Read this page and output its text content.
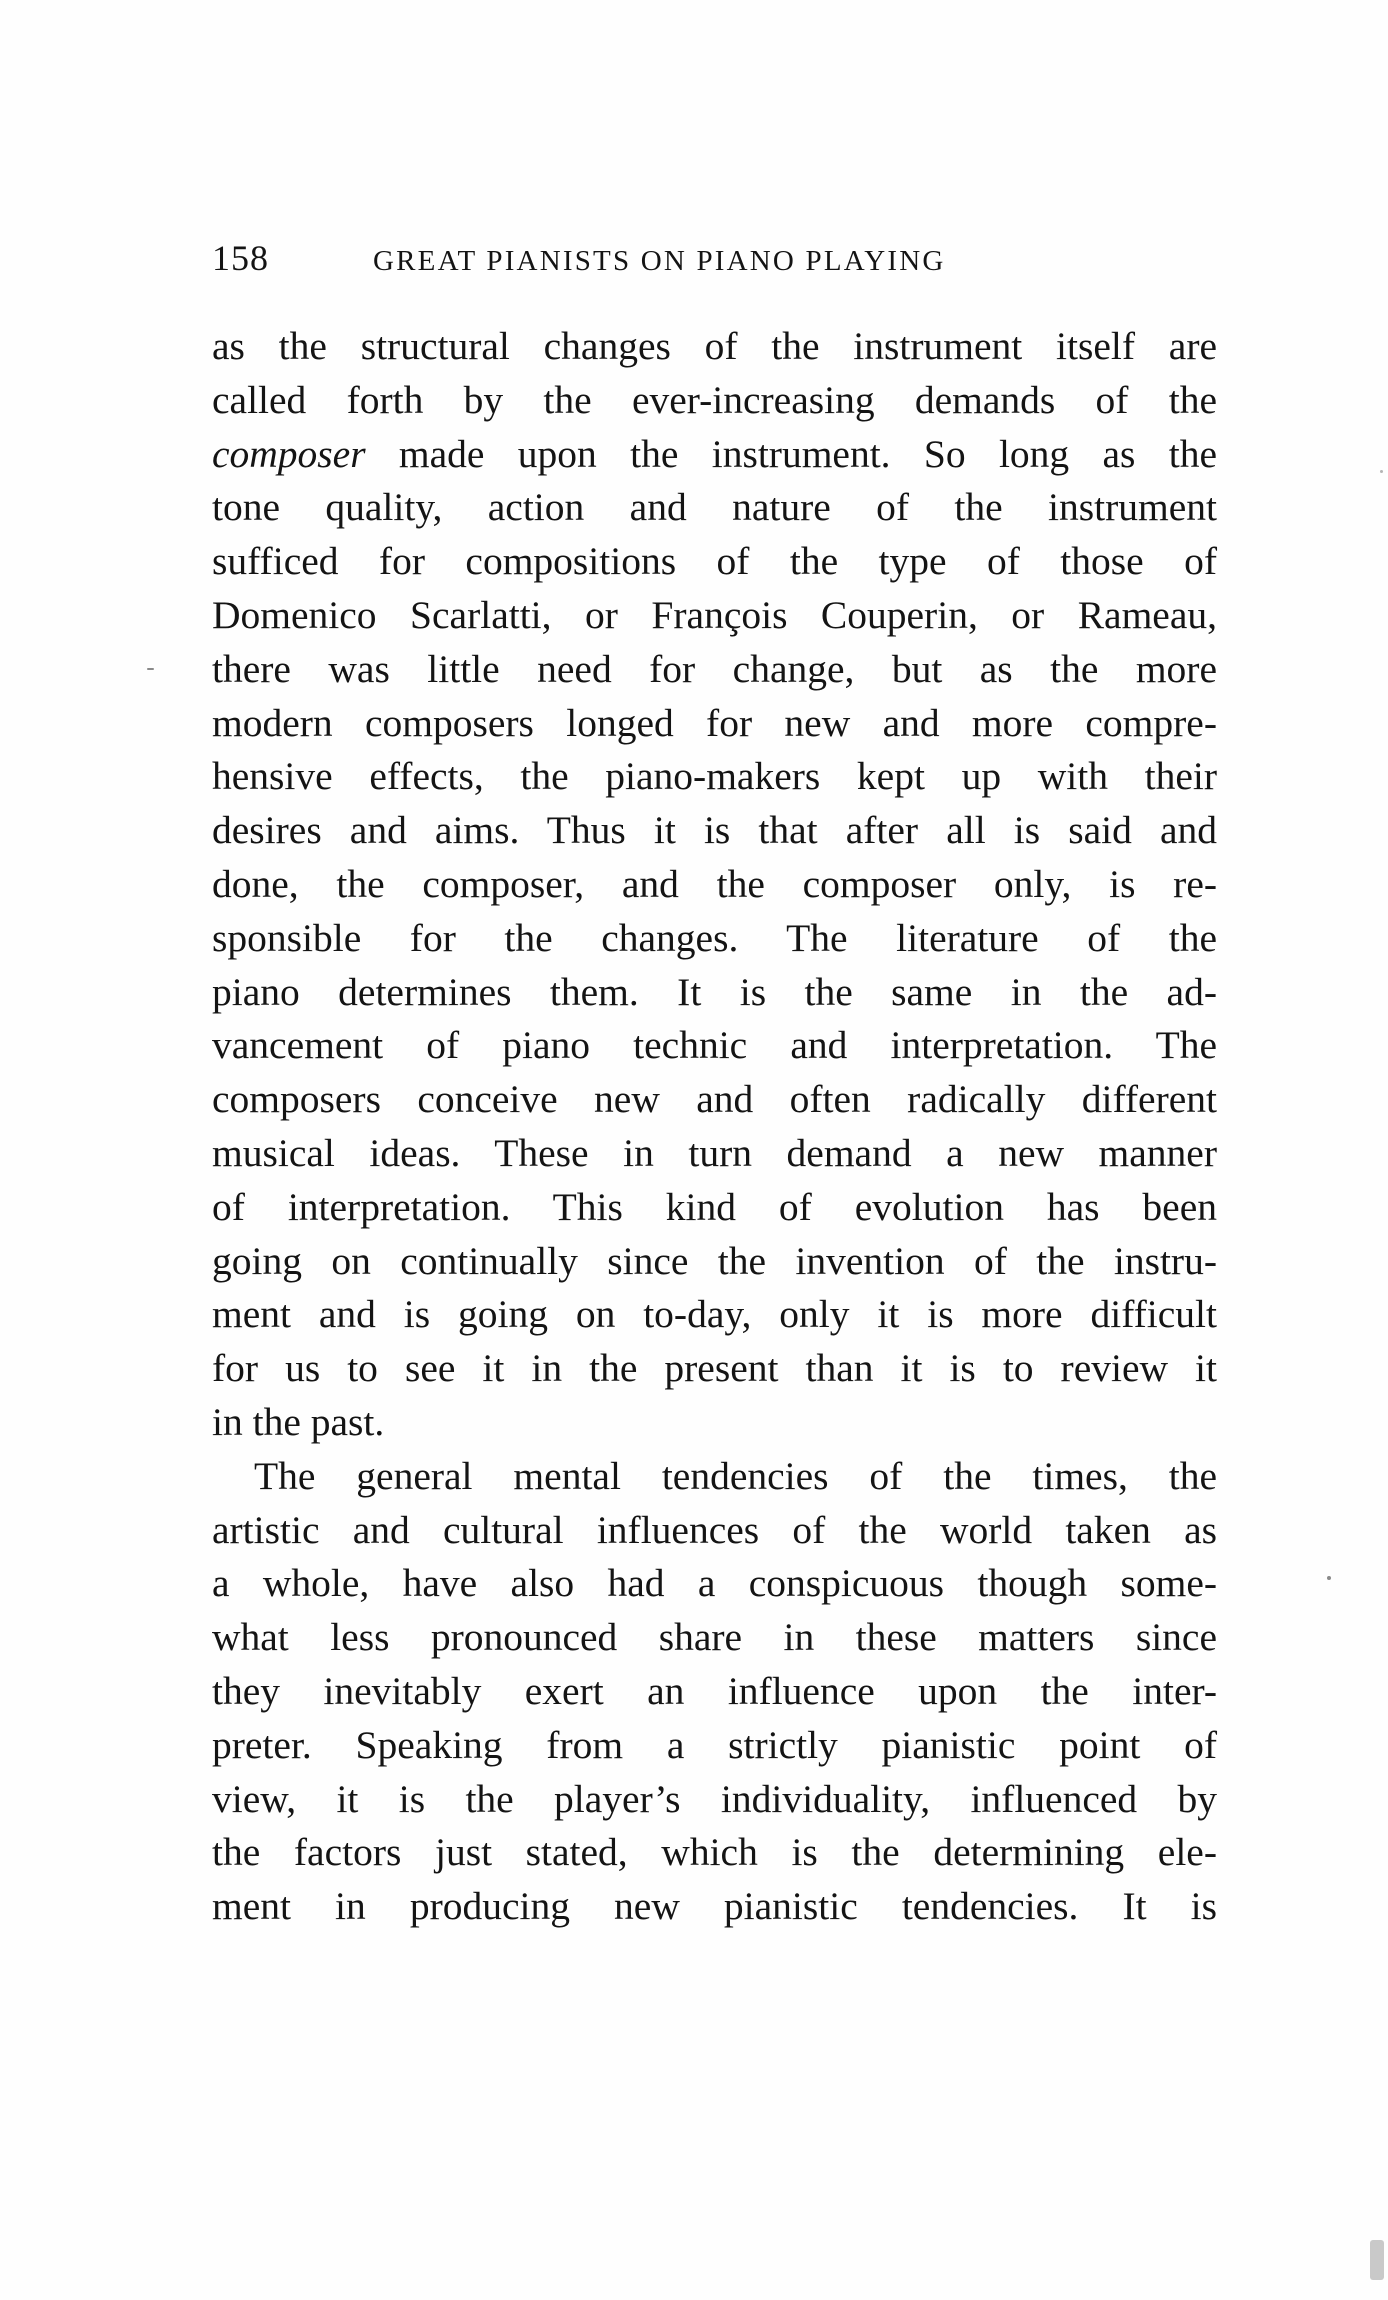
158	GREAT PIANISTS ON PIANO PLAYING
as the structural changes of the instrument itself are
called forth by the ever-increasing demands of the
composer made upon the instrument. So long as the
tone quality, action and nature of the instrument
sufficed for compositions of the type of those of
Domenico Scarlatti, or François Couperin, or Rameau,
there was little need for change, but as the more
modern composers longed for new and more compre-
hensive effects, the piano-makers kept up with their
desires and aims. Thus it is that after all is said and
done, the composer, and the composer only, is re-
sponsible for the changes. The literature of the
piano determines them. It is the same in the ad-
vancement of piano technic and interpretation. The
composers conceive new and often radically different
musical ideas. These in turn demand a new manner
of interpretation. This kind of evolution has been
going on continually since the invention of the instru-
ment and is going on to-day, only it is more difficult
for us to see it in the present than it is to review it
in the past.
The general mental tendencies of the times, the
artistic and cultural influences of the world taken as
a whole, have also had a conspicuous though some-
what less pronounced share in these matters since
they inevitably exert an influence upon the inter-
preter. Speaking from a strictly pianistic point of
view, it is the player’s individuality, influenced by
the factors just stated, which is the determining ele-
ment in producing new pianistic tendencies. It is
